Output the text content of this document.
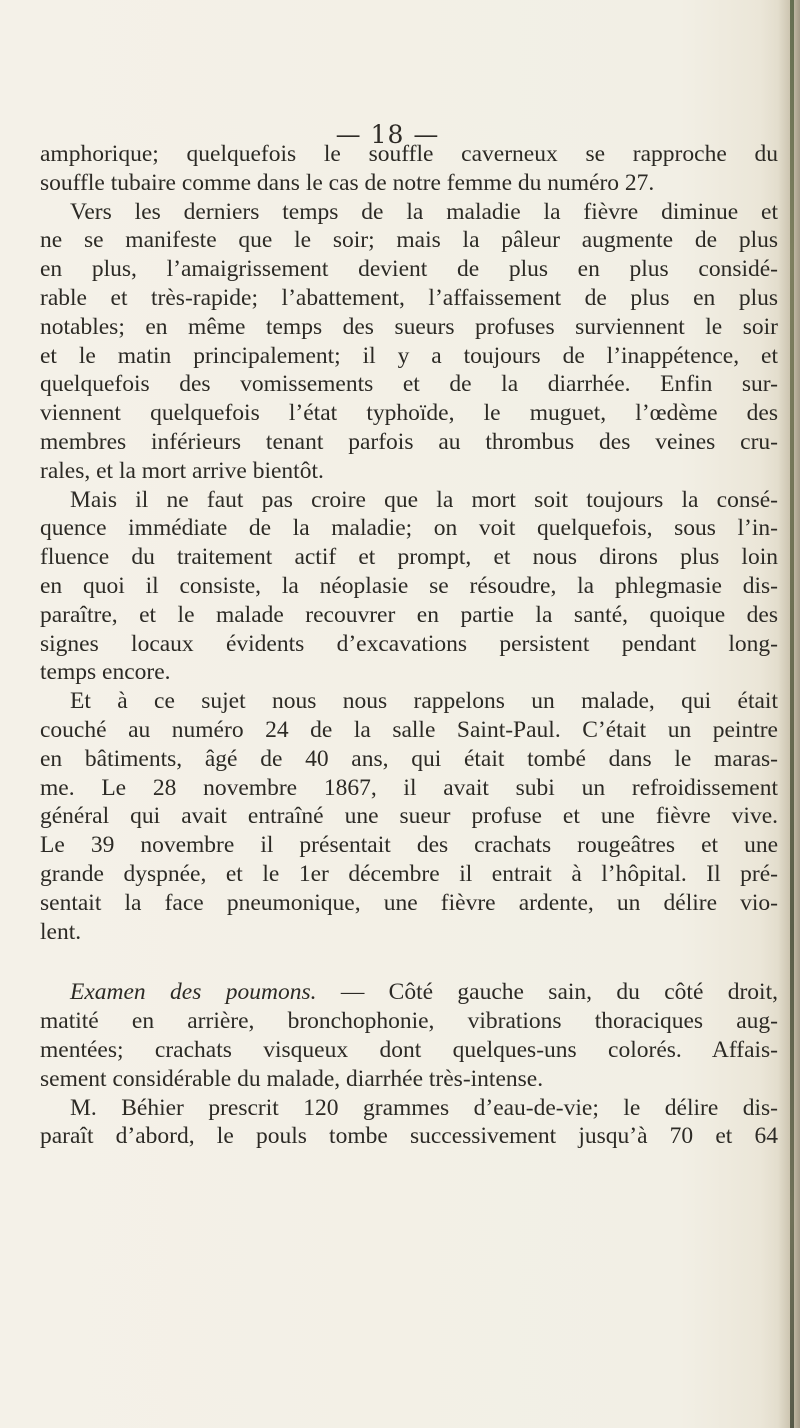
— 18 —
amphorique; quelquefois le souffle caverneux se rapproche du
souffle tubaire comme dans le cas de notre femme du numéro 27.
Vers les derniers temps de la maladie la fièvre diminue et
ne se manifeste que le soir; mais la pâleur augmente de plus
en plus, l’amaigrissement devient de plus en plus considé-
rable et très-rapide; l’abattement, l’affaissement de plus en plus
notables; en même temps des sueurs profuses surviennent le soir
et le matin principalement; il y a toujours de l’inappétence, et
quelquefois des vomissements et de la diarrhée. Enfin sur-
viennent quelquefois l’état typhoïde, le muguet, l’œdème des
membres inférieurs tenant parfois au thrombus des veines cru-
rales, et la mort arrive bientôt.
Mais il ne faut pas croire que la mort soit toujours la consé-
quence immédiate de la maladie; on voit quelquefois, sous l’in-
fluence du traitement actif et prompt, et nous dirons plus loin
en quoi il consiste, la néoplasie se résoudre, la phlegmasie dis-
paraître, et le malade recouvrer en partie la santé, quoique des
signes locaux évidents d’excavations persistent pendant long-
temps encore.
Et à ce sujet nous nous rappelons un malade, qui était
couché au numéro 24 de la salle Saint-Paul. C’était un peintre
en bâtiments, âgé de 40 ans, qui était tombé dans le maras-
me. Le 28 novembre 1867, il avait subi un refroidissement
général qui avait entraîné une sueur profuse et une fièvre vive.
Le 39 novembre il présentait des crachats rougeâtres et une
grande dyspnée, et le 1er décembre il entrait à l’hôpital. Il pré-
sentait la face pneumonique, une fièvre ardente, un délire vio-
lent.
Examen des poumons. — Côté gauche sain, du côté droit,
matité en arrière, bronchophonie, vibrations thoraciques aug-
mentées; crachats visqueux dont quelques-uns colorés. Affais-
sement considérable du malade, diarrhée très-intense.
M. Béhier prescrit 120 grammes d’eau-de-vie; le délire dis-
paraît d’abord, le pouls tombe successivement jusqu’à 70 et 64
